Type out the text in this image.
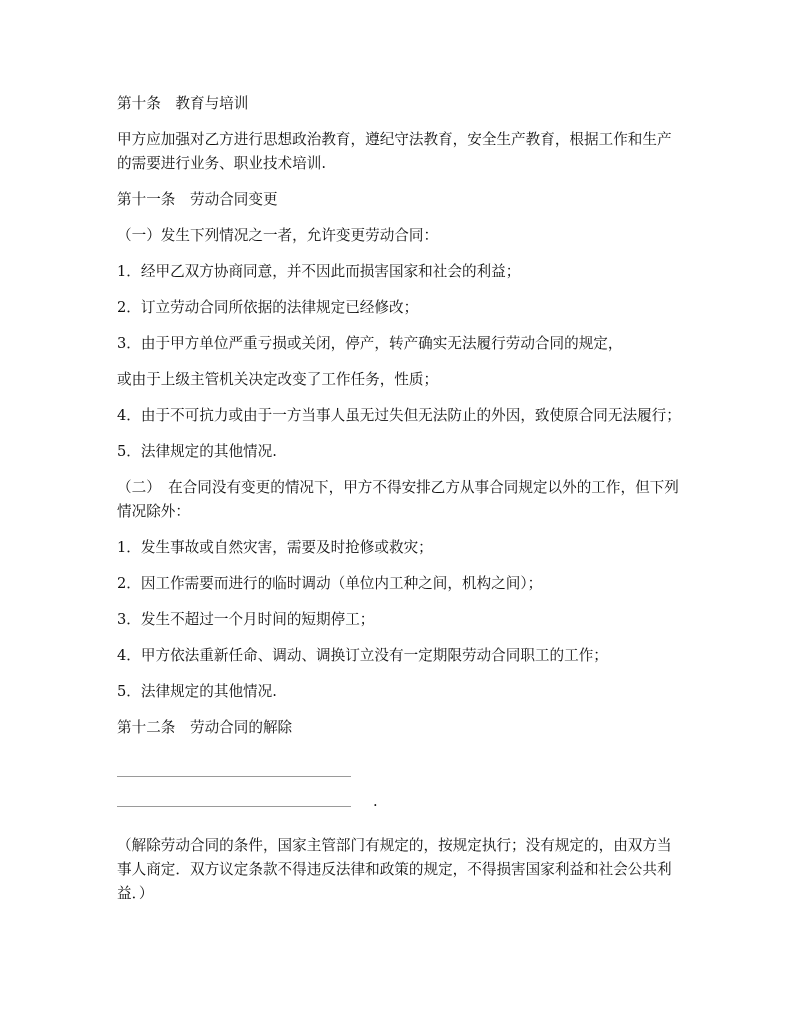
第十条　教育与培训

甲方应加强对乙方进行思想政治教育，遵纪守法教育，安全生产教育，根据工作和生产的需要进行业务、职业技术培训.

第十一条　劳动合同变更

（一）发生下列情况之一者，允许变更劳动合同：

1．经甲乙双方协商同意，并不因此而损害国家和社会的利益；

2．订立劳动合同所依据的法律规定已经修改；

3．由于甲方单位严重亏损或关闭，停产，转产确实无法履行劳动合同的规定，

或由于上级主管机关决定改变了工作任务，性质；

4．由于不可抗力或由于一方当事人虽无过失但无法防止的外因，致使原合同无法履行；

5．法律规定的其他情况.

（二）　在合同没有变更的情况下，甲方不得安排乙方从事合同规定以外的工作，但下列情况除外：

1．发生事故或自然灾害，需要及时抢修或救灾；

2．因工作需要而进行的临时调动（单位内工种之间，机构之间）；

3．发生不超过一个月时间的短期停工；

4．甲方依法重新任命、调动、调换订立没有一定期限劳动合同职工的工作；

5．法律规定的其他情况.

第十二条　劳动合同的解除

.

（解除劳动合同的条件，国家主管部门有规定的，按规定执行；没有规定的，由双方当事人商定．双方议定条款不得违反法律和政策的规定，不得损害国家利益和社会公共利益．）
